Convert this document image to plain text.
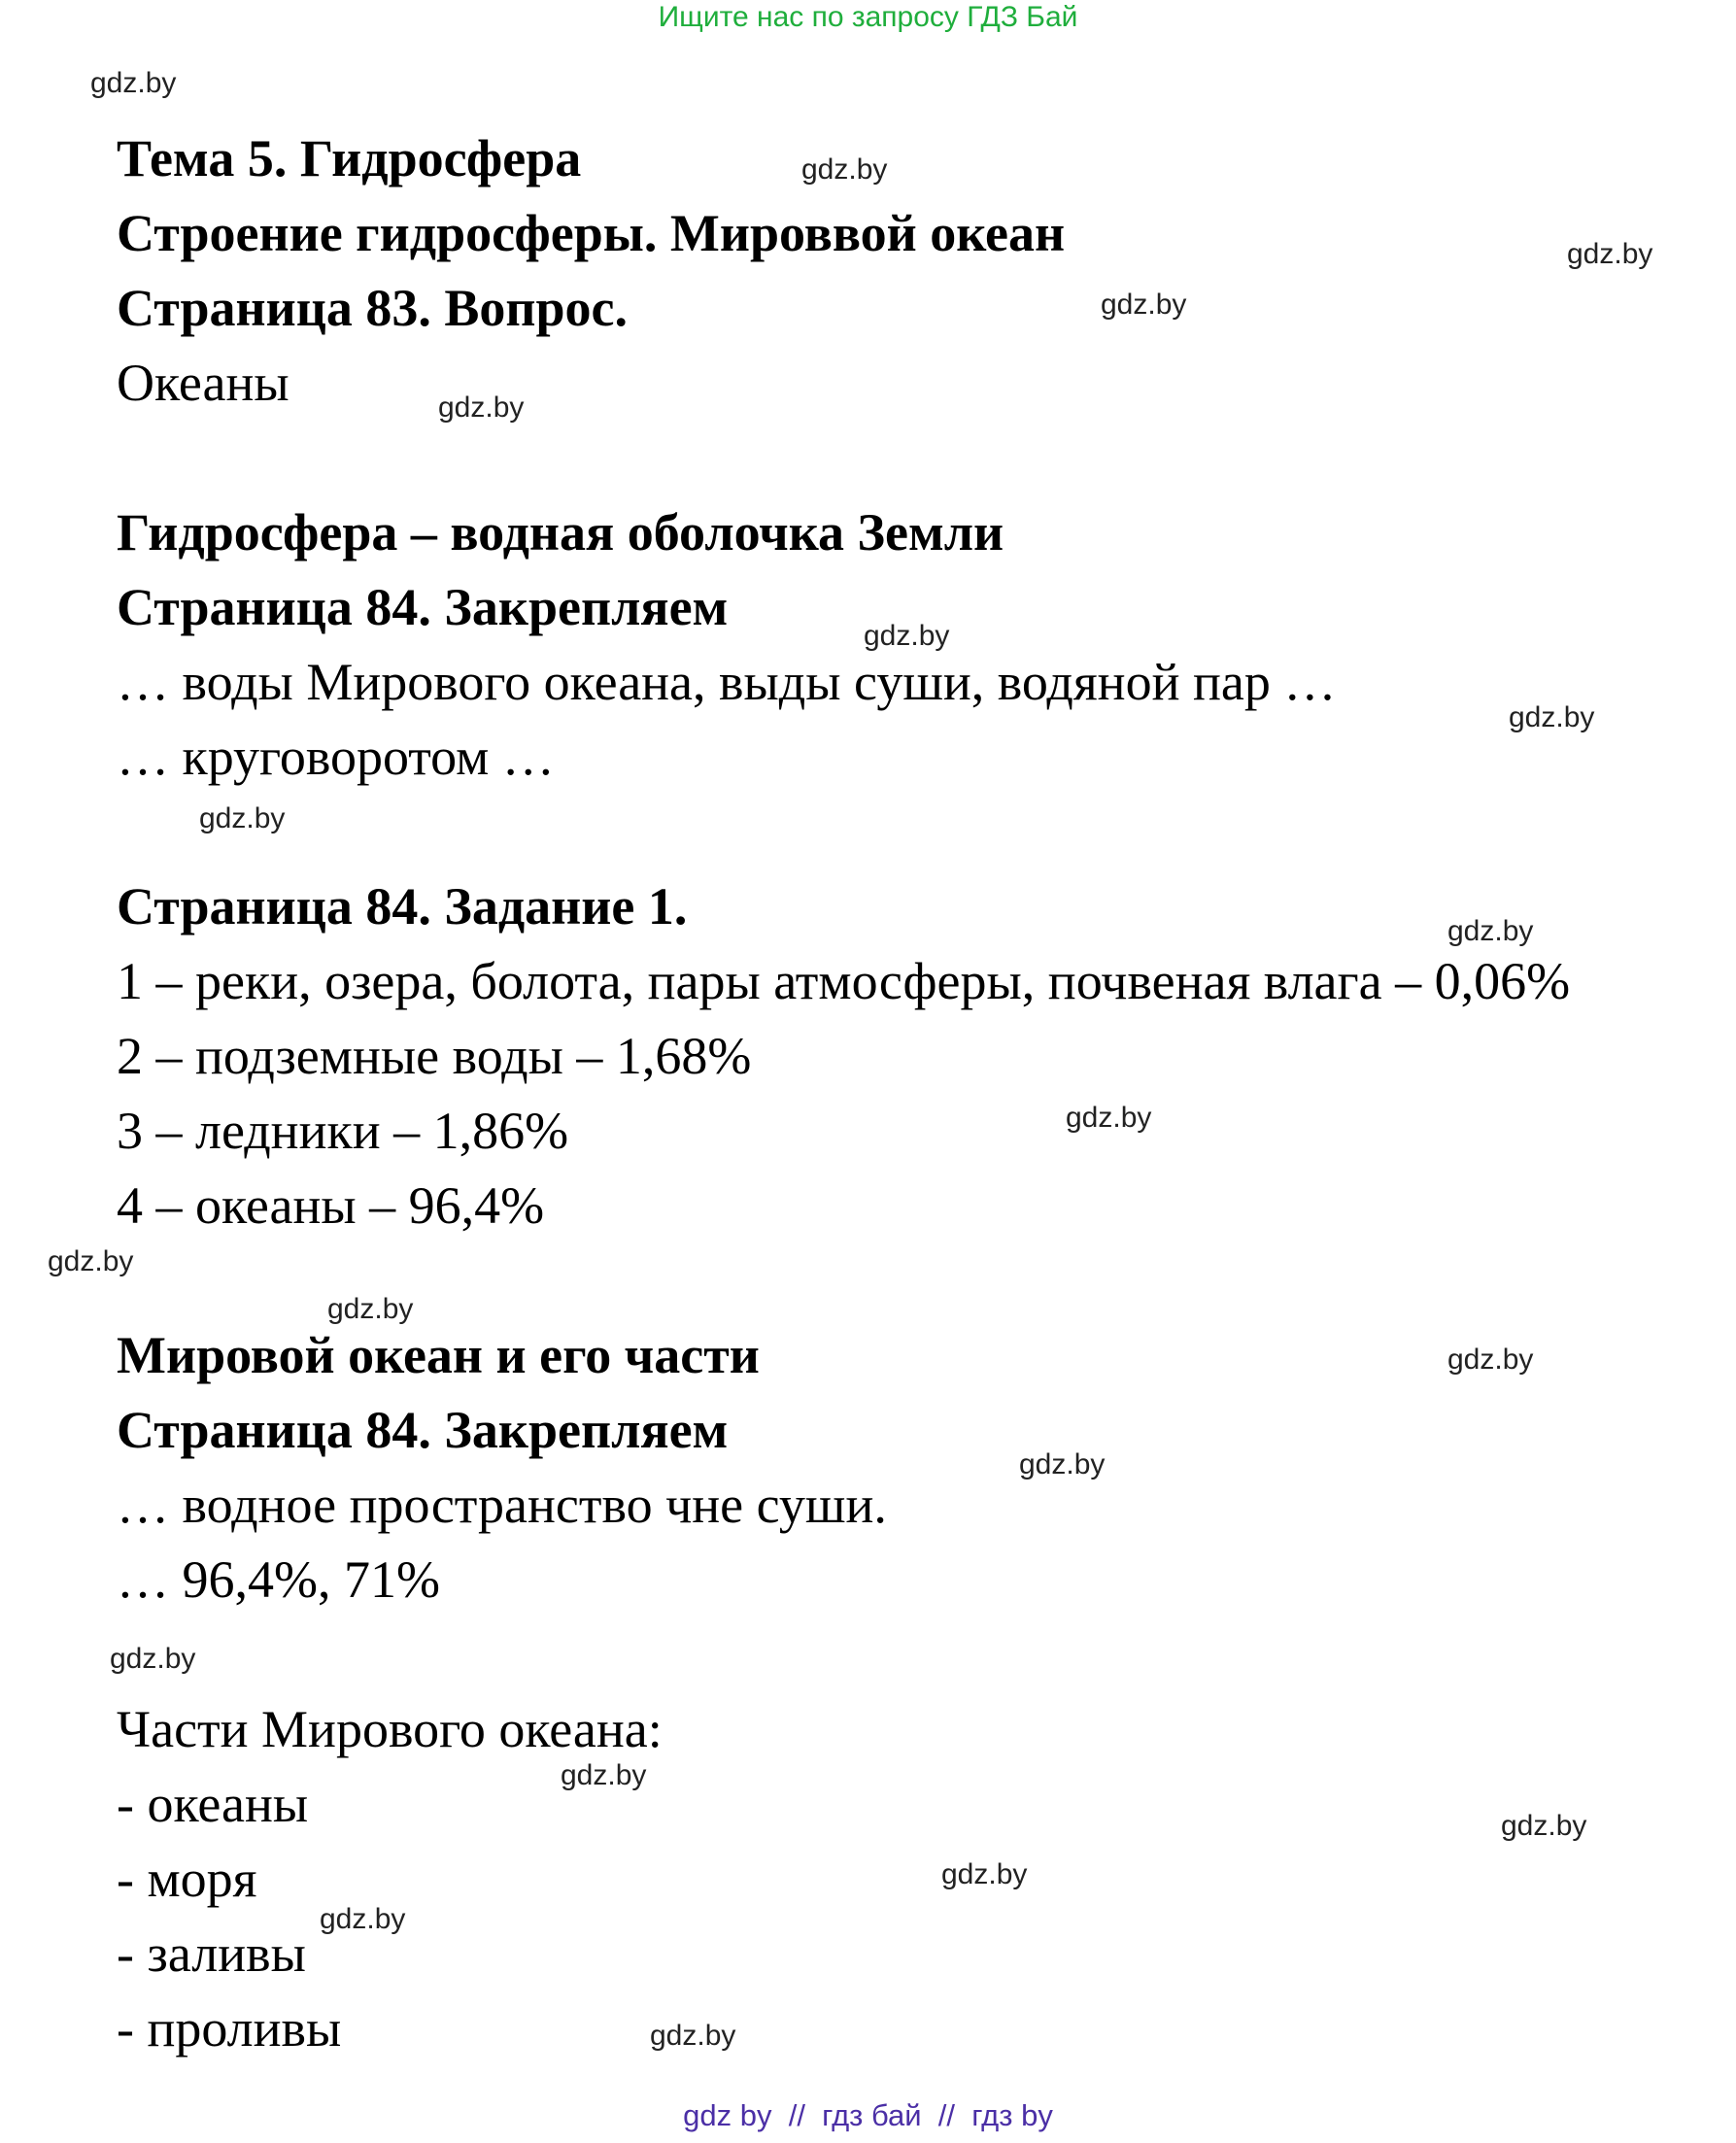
Ищите нас по запросу ГДЗ Бай
Тема 5. Гидросфера
Строение гидросферы. Мироввой океан
Страница 83. Вопрос.
Океаны
Гидросфера – водная оболочка Земли
Страница 84. Закрепляем
… воды Мирового океана, выды суши, водяной пар …
… круговоротом …
Страница 84. Задание 1.
1 – реки, озера, болота, пары атмосферы, почвеная влага – 0,06%
2 – подземные воды – 1,68%
3 – ледники – 1,86%
4 – океаны – 96,4%
Мировой океан и его части
Страница 84. Закрепляем
… водное пространство чне суши.
… 96,4%, 71%
Части Мирового океана:
- океаны
- моря
- заливы
- проливы
gdz.by
gdz.by
gdz.by
gdz.by
gdz.by
gdz.by
gdz.by
gdz.by
gdz.by
gdz.by
gdz.by
gdz.by
gdz.by
gdz.by
gdz.by
gdz.by
gdz.by
gdz.by
gdz.by
gdz.by
gdz by  //  гдз бай  //  гдз by
